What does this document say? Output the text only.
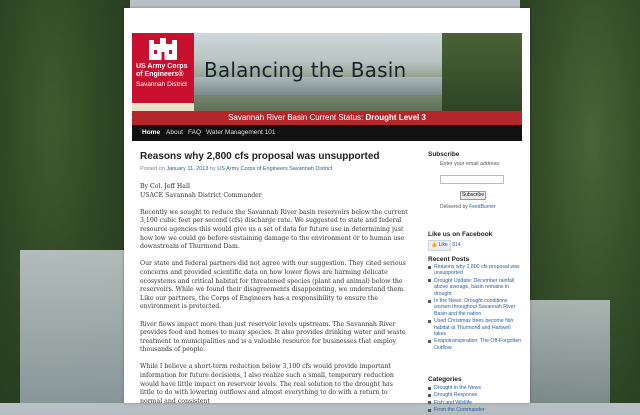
US Army Corps
of Engineers®
Savannah District
Balancing the Basin
Savannah River Basin Current Status: Drought Level 3
Home About FAQ Water Management 101
Reasons why 2,800 cfs proposal was unsupported
Posted on January 11, 2013 by US Army Corps of Engineers Savannah District

By Col. Jeff Hall
USACE Savannah District Commander

Recently we sought to reduce the Savannah River basin reservoirs below the current 3,100 cubic feet per second (cfs) discharge rate. We suggested to state and federal resource agencies this would give us a set of data for future use in determining just how low we could go before sustaining damage to the environment or to human use downstream of Thurmond Dam.

Our state and federal partners did not agree with our suggestion. They cited serious concerns and provided scientific data on how lower flows are harming delicate ecosystems and critical habitat for threatened species (plant and animal) below the reservoirs. While we found their disagreements disappointing, we understand them. Like our partners, the Corps of Engineers has a responsibility to ensure the environment is protected.

River flows impact more than just reservoir levels upstream. The Savannah River provides food and homes to many species. It also provides drinking water and waste treatment to municipalities and is a valuable resource for businesses that employ thousands of people.

While I believe a short-term reduction below 3,100 cfs would provide important information for future decisions, I also realize such a small, temporary reduction would have little impact on reservoir levels. The real solution to the drought has little to do with lowering outflows and almost everything to do with a return to normal and consistent

Subscribe
Enter your email address:
Subscribe
Delivered by FeedBurner
Like us on Facebook
👍 Like 814
Recent Posts
Reasons why 2,800 cfs proposal was unsupported
Drought Update: December rainfall above average, basin remains in drought
In the News: Drought conditions worsen throughout Savannah River Basin and the nation
Used Christmas trees become fish habitat at Thurmond and Hartwell lakes
Evapotranspiration: The Off-Forgotten Outflow
Categories
Drought in the News
Drought Response
Fish and Wildlife
From the Commander
